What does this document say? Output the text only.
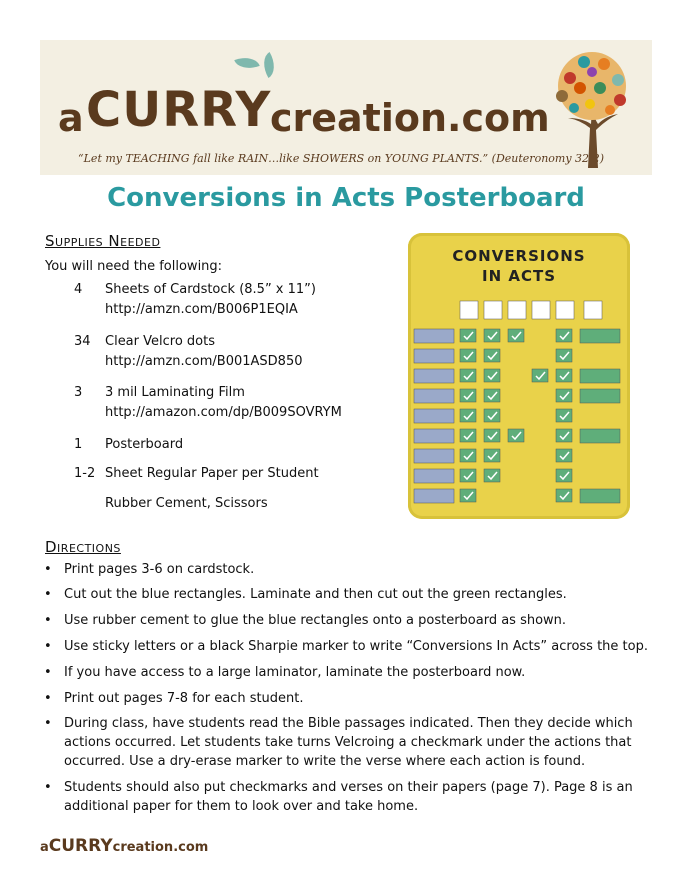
a CURRY
creation.com
“Let my TEACHING fall like RAIN…like SHOWERS on YOUNG PLANTS.” (Deuteronomy 32:2)
Conversions in Acts Posterboard
Supplies Needed
You will need the following:
4	Sheets of Cardstock (8.5” x 11”)
http://amzn.com/B006P1EQIA
34	Clear Velcro dots
http://amzn.com/B001ASD850
3	3 mil Laminating Film
http://amazon.com/dp/B009SOVRYM
1	Posterboard
1-2 Sheet Regular Paper per Student
Rubber Cement, Scissors
CONVERSIONS
IN ACTS
Directions
• Print pages 3-6 on cardstock.
• Cut out the blue rectangles. Laminate and then cut out the green rectangles.
• Use rubber cement to glue the blue rectangles onto a posterboard as shown.
• Use sticky letters or a black Sharpie marker to write “Conversions In Acts” across the top.
• If you have access to a large laminator, laminate the posterboard now.
• Print out pages 7-8 for each student.
• During class, have students read the Bible passages indicated. Then they decide which actions occurred. Let students take turns Velcroing a checkmark under the actions that occurred. Use a dry-erase marker to write the verse where each action is found.
• Students should also put checkmarks and verses on their papers (page 7). Page 8 is an additional paper for them to look over and take home.
aCURRYcreation.com
